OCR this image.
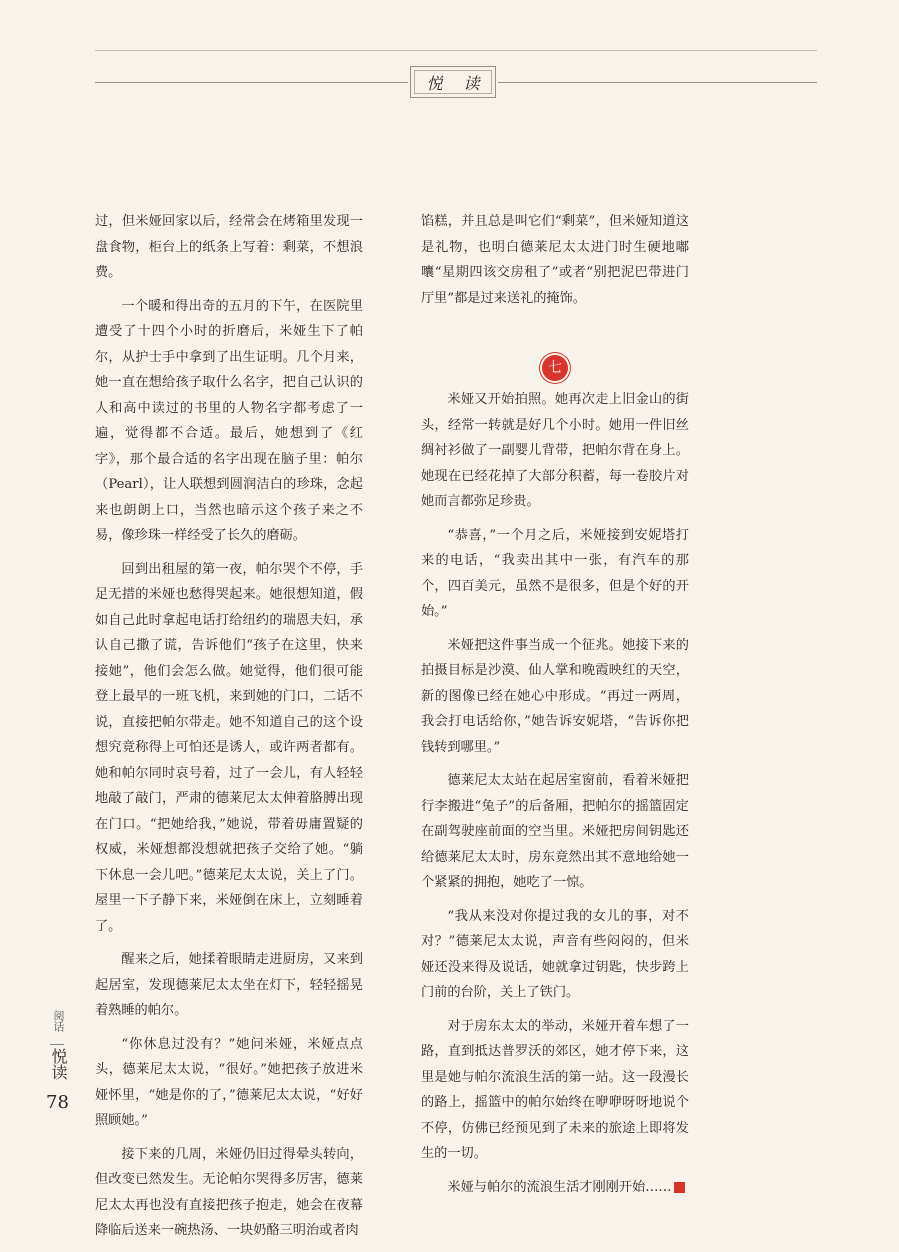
悦 读

过，但米娅回家以后，经常会在烤箱里发现一盘食物，柜台上的纸条上写着：剩菜，不想浪费。

一个暖和得出奇的五月的下午，在医院里遭受了十四个小时的折磨后，米娅生下了帕尔，从护士手中拿到了出生证明。几个月来，她一直在想给孩子取什么名字，把自己认识的人和高中读过的书里的人物名字都考虑了一遍，觉得都不合适。最后，她想到了《红字》，那个最合适的名字出现在脑子里：帕尔（Pearl），让人联想到圆润洁白的珍珠，念起来也朗朗上口，当然也暗示这个孩子来之不易，像珍珠一样经受了长久的磨砺。

回到出租屋的第一夜，帕尔哭个不停，手足无措的米娅也愁得哭起来。她很想知道，假如自己此时拿起电话打给纽约的瑞恩夫妇，承认自己撒了谎，告诉他们“孩子在这里，快来接她”，他们会怎么做。她觉得，他们很可能登上最早的一班飞机，来到她的门口，二话不说，直接把帕尔带走。她不知道自己的这个设想究竟称得上可怕还是诱人，或许两者都有。她和帕尔同时哀号着，过了一会儿，有人轻轻地敲了敲门，严肃的德莱尼太太伸着胳膊出现在门口。“把她给我，”她说，带着毋庸置疑的权威，米娅想都没想就把孩子交给了她。“躺下休息一会儿吧。”德莱尼太太说，关上了门。屋里一下子静下来，米娅倒在床上，立刻睡着了。

醒来之后，她揉着眼睛走进厨房，又来到起居室，发现德莱尼太太坐在灯下，轻轻摇晃着熟睡的帕尔。

“你休息过没有？”她问米娅，米娅点点头，德莱尼太太说，“很好。”她把孩子放进米娅怀里，“她是你的了，”德莱尼太太说，“好好照顾她。”

接下来的几周，米娅仍旧过得晕头转向，但改变已然发生。无论帕尔哭得多厉害，德莱尼太太再也没有直接把孩子抱走，她会在夜幕降临后送来一碗热汤、一块奶酪三明治或者肉

馅糕，并且总是叫它们“剩菜”，但米娅知道这是礼物，也明白德莱尼太太进门时生硬地嘟囔“星期四该交房租了”或者“别把泥巴带进门厅里”都是过来送礼的掩饰。

七

米娅又开始拍照。她再次走上旧金山的街头，经常一转就是好几个小时。她用一件旧丝绸衬衫做了一副婴儿背带，把帕尔背在身上。她现在已经花掉了大部分积蓄，每一卷胶片对她而言都弥足珍贵。

“恭喜，”一个月之后，米娅接到安妮塔打来的电话，“我卖出其中一张，有汽车的那个，四百美元，虽然不是很多，但是个好的开始。”

米娅把这件事当成一个征兆。她接下来的拍摄目标是沙漠、仙人掌和晚霞映红的天空，新的图像已经在她心中形成。“再过一两周，我会打电话给你，”她告诉安妮塔，“告诉你把钱转到哪里。”

德莱尼太太站在起居室窗前，看着米娅把行李搬进“兔子”的后备厢，把帕尔的摇篮固定在副驾驶座前面的空当里。米娅把房间钥匙还给德莱尼太太时，房东竟然出其不意地给她一个紧紧的拥抱，她吃了一惊。

“我从来没对你提过我的女儿的事，对不对？”德莱尼太太说，声音有些闷闷的，但米娅还没来得及说话，她就拿过钥匙，快步跨上门前的台阶，关上了铁门。

对于房东太太的举动，米娅开着车想了一路，直到抵达普罗沃的郊区，她才停下来，这里是她与帕尔流浪生活的第一站。这一段漫长的路上，摇篮中的帕尔始终在咿咿呀呀地说个不停，仿佛已经预见到了未来的旅途上即将发生的一切。

米娅与帕尔的流浪生活才刚刚开始……

阅话
悦读
78
